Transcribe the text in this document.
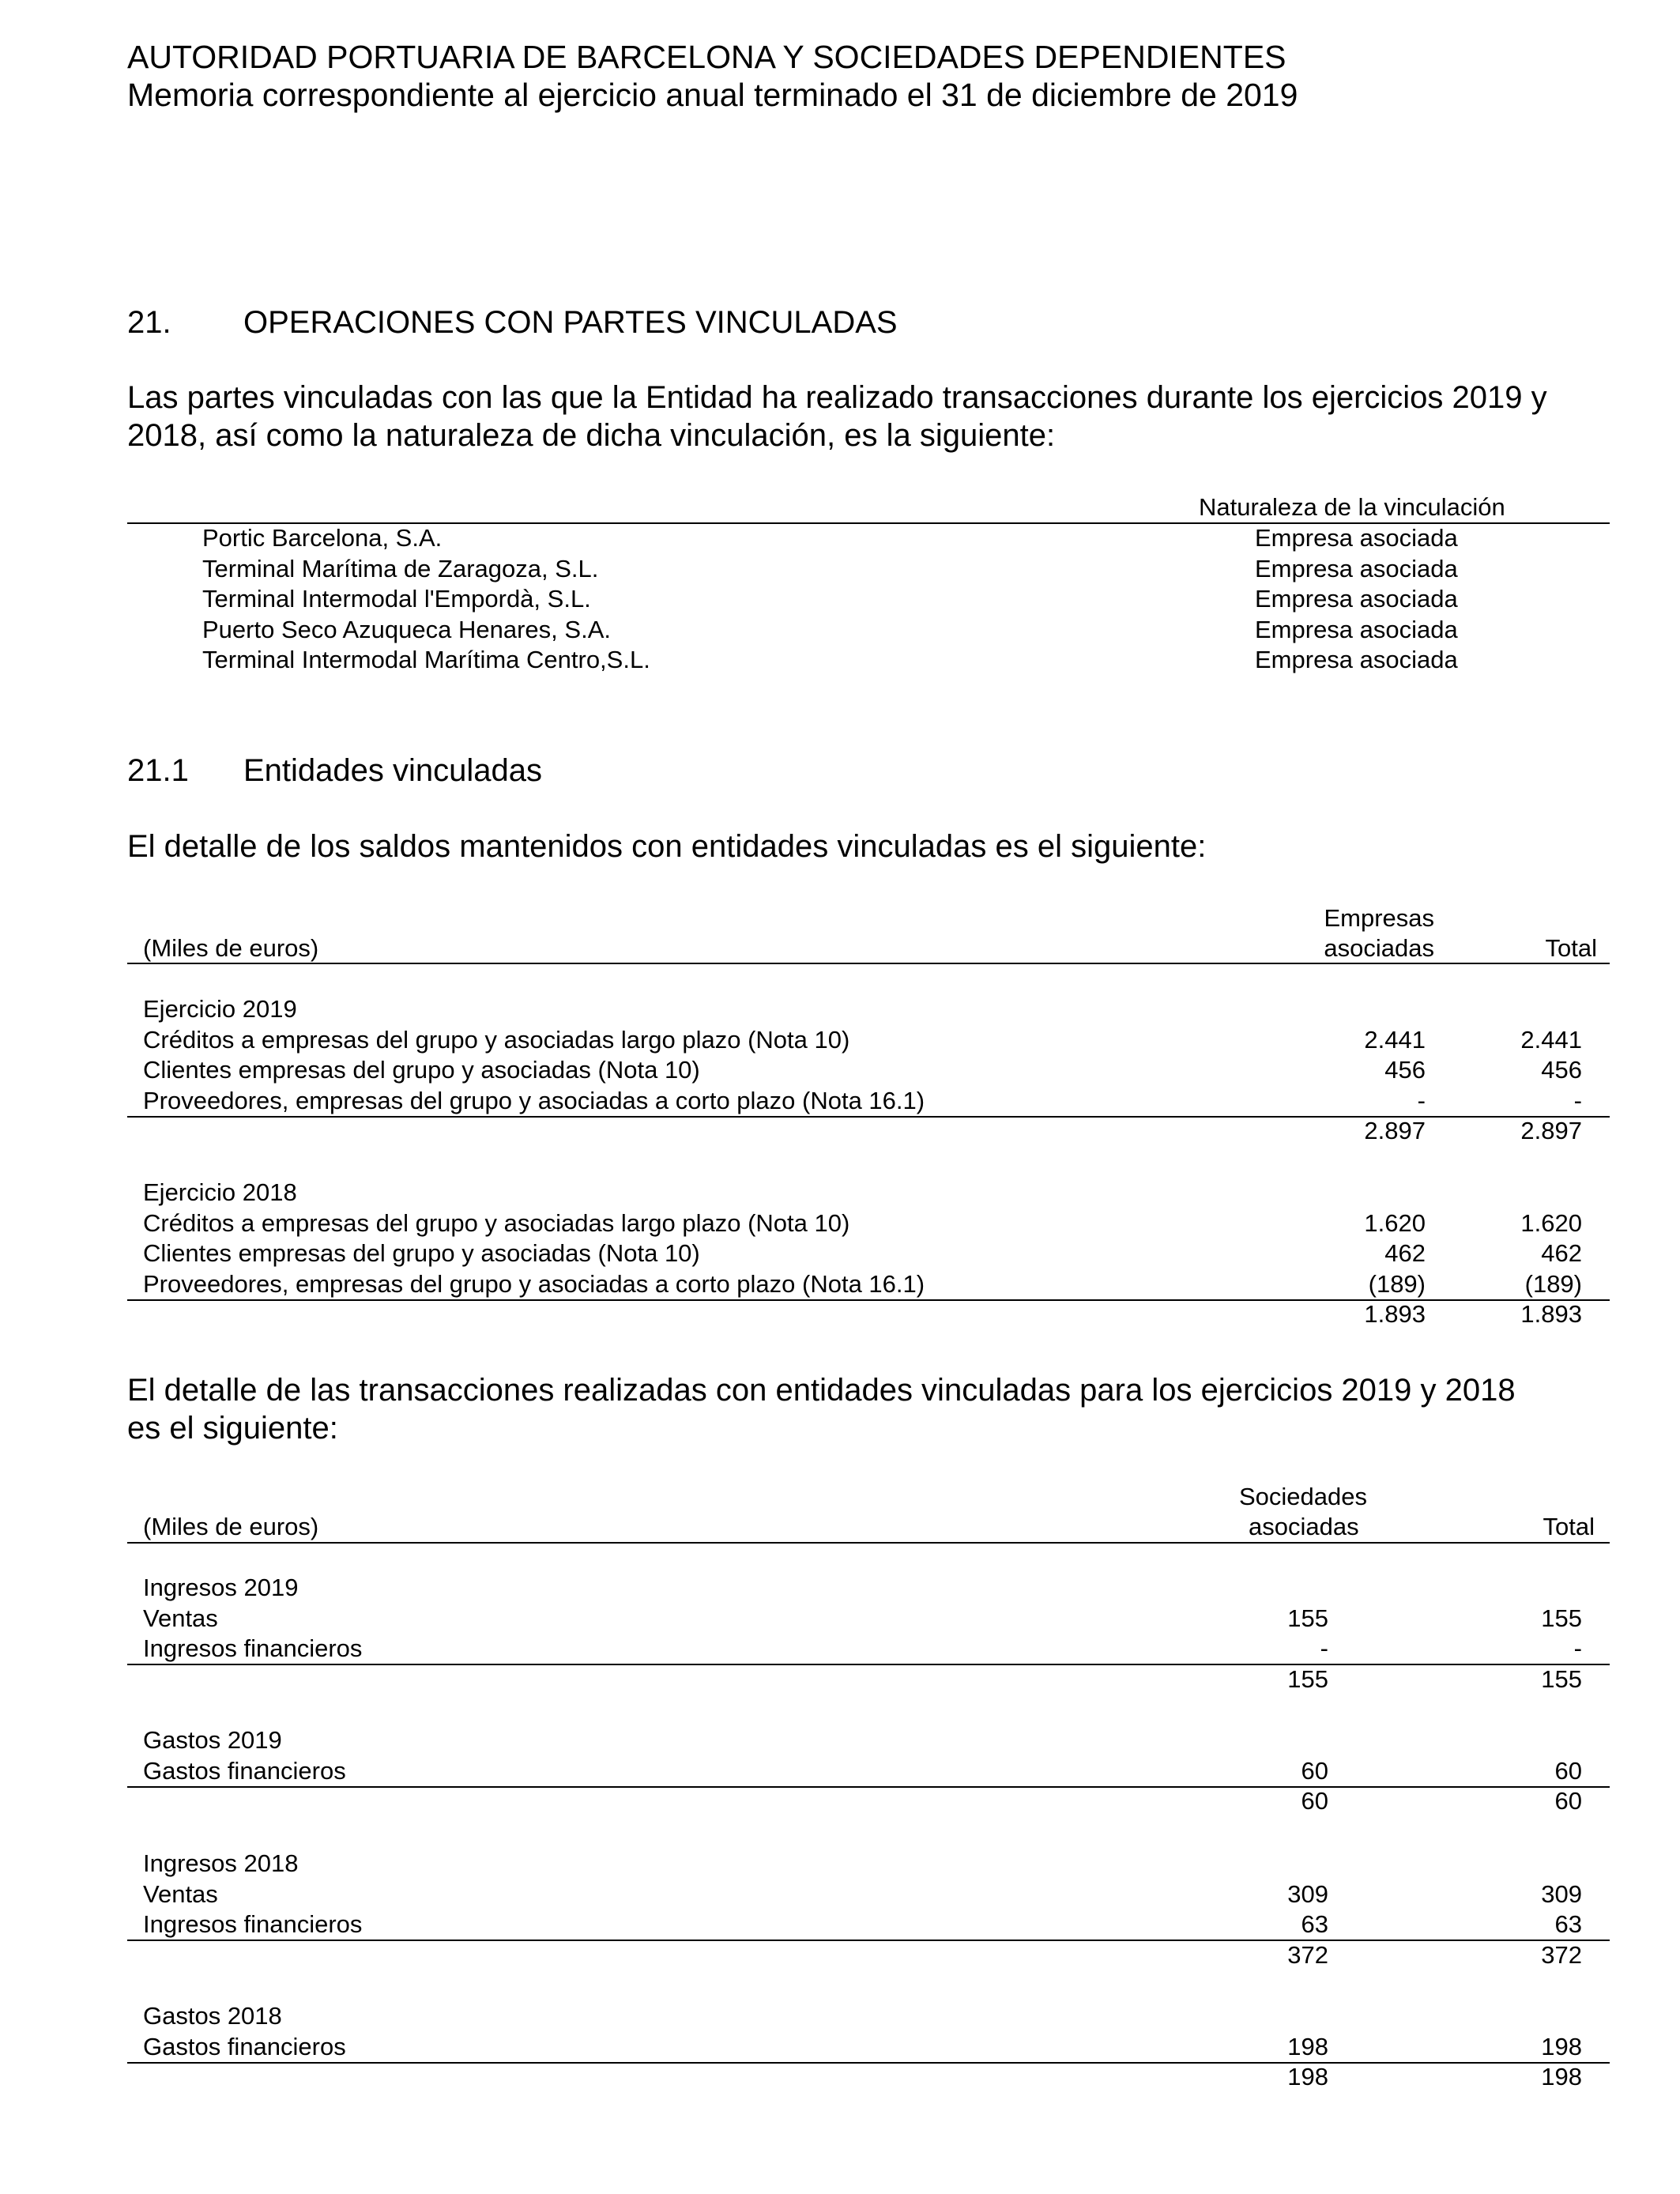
AUTORIDAD PORTUARIA DE BARCELONA Y SOCIEDADES DEPENDIENTES
Memoria correspondiente al ejercicio anual terminado el 31 de diciembre de 2019
21. OPERACIONES CON PARTES VINCULADAS
Las partes vinculadas con las que la Entidad ha realizado transacciones durante los ejercicios 2019 y
2018, así como la naturaleza de dicha vinculación, es la siguiente:
Naturaleza de la vinculación
Portic Barcelona, S.A.	Empresa asociada
Terminal Marítima de Zaragoza, S.L.	Empresa asociada
Terminal Intermodal l'Empordà, S.L.	Empresa asociada
Puerto Seco Azuqueca Henares, S.A.	Empresa asociada
Terminal Intermodal Marítima Centro,S.L.	Empresa asociada
21.1 Entidades vinculadas
El detalle de los saldos mantenidos con entidades vinculadas es el siguiente:
Empresas
(Miles de euros)	asociadas	Total
Ejercicio 2019
Créditos a empresas del grupo y asociadas largo plazo (Nota 10)	2.441	2.441
Clientes empresas del grupo y asociadas (Nota 10)	456	456
Proveedores, empresas del grupo y asociadas a corto plazo (Nota 16.1)	-	-
2.897	2.897
Ejercicio 2018
Créditos a empresas del grupo y asociadas largo plazo (Nota 10)	1.620	1.620
Clientes empresas del grupo y asociadas (Nota 10)	462	462
Proveedores, empresas del grupo y asociadas a corto plazo (Nota 16.1)	(189)	(189)
1.893	1.893
El detalle de las transacciones realizadas con entidades vinculadas para los ejercicios 2019 y 2018
es el siguiente:
Sociedades
(Miles de euros)	asociadas	Total
Ingresos 2019
Ventas	155	155
Ingresos financieros	-	-
155	155
Gastos 2019
Gastos financieros	60	60
60	60
Ingresos 2018
Ventas	309	309
Ingresos financieros	63	63
372	372
Gastos 2018
Gastos financieros	198	198
198	198
